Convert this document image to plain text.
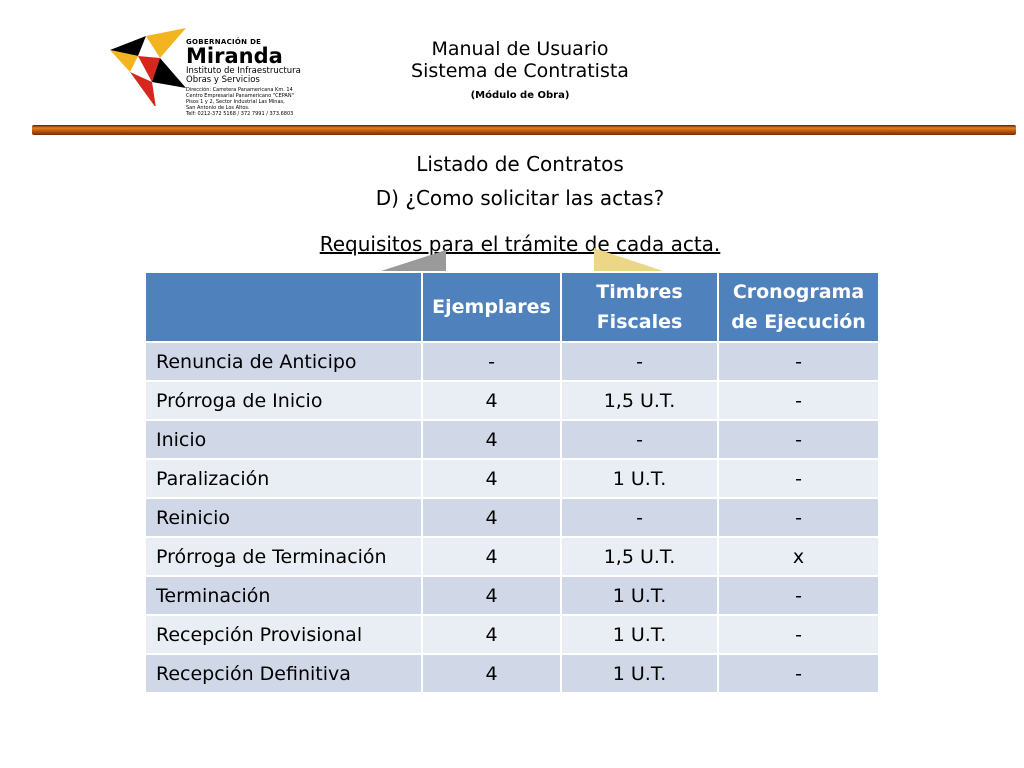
GOBERNACIÓN DE
Miranda
Instituto de Infraestructura
Obras y Servicios
Dirección: Carretera Panamericana Km. 14
Centro Empresarial Panamericano "CEPAN"
Pisos 1 y 2, Sector Industrial Las Minas,
San Antonio de Los Altos.
Telf: 0212-372 5168 / 372 7991 / 373.6803
Manual de Usuario
Sistema de Contratista
(Módulo de Obra)
Listado de Contratos
D) ¿Como solicitar las actas?
Requisitos para el trámite de cada acta.
	Ejemplares	Timbres Fiscales	Cronograma de Ejecución
Renuncia de Anticipo	-	-	-
Prórroga de Inicio	4	1,5 U.T.	-
Inicio	4	-	-
Paralización	4	1 U.T.	-
Reinicio	4	-	-
Prórroga de Terminación	4	1,5 U.T.	x
Terminación	4	1 U.T.	-
Recepción Provisional	4	1 U.T.	-
Recepción Definitiva	4	1 U.T.	-
